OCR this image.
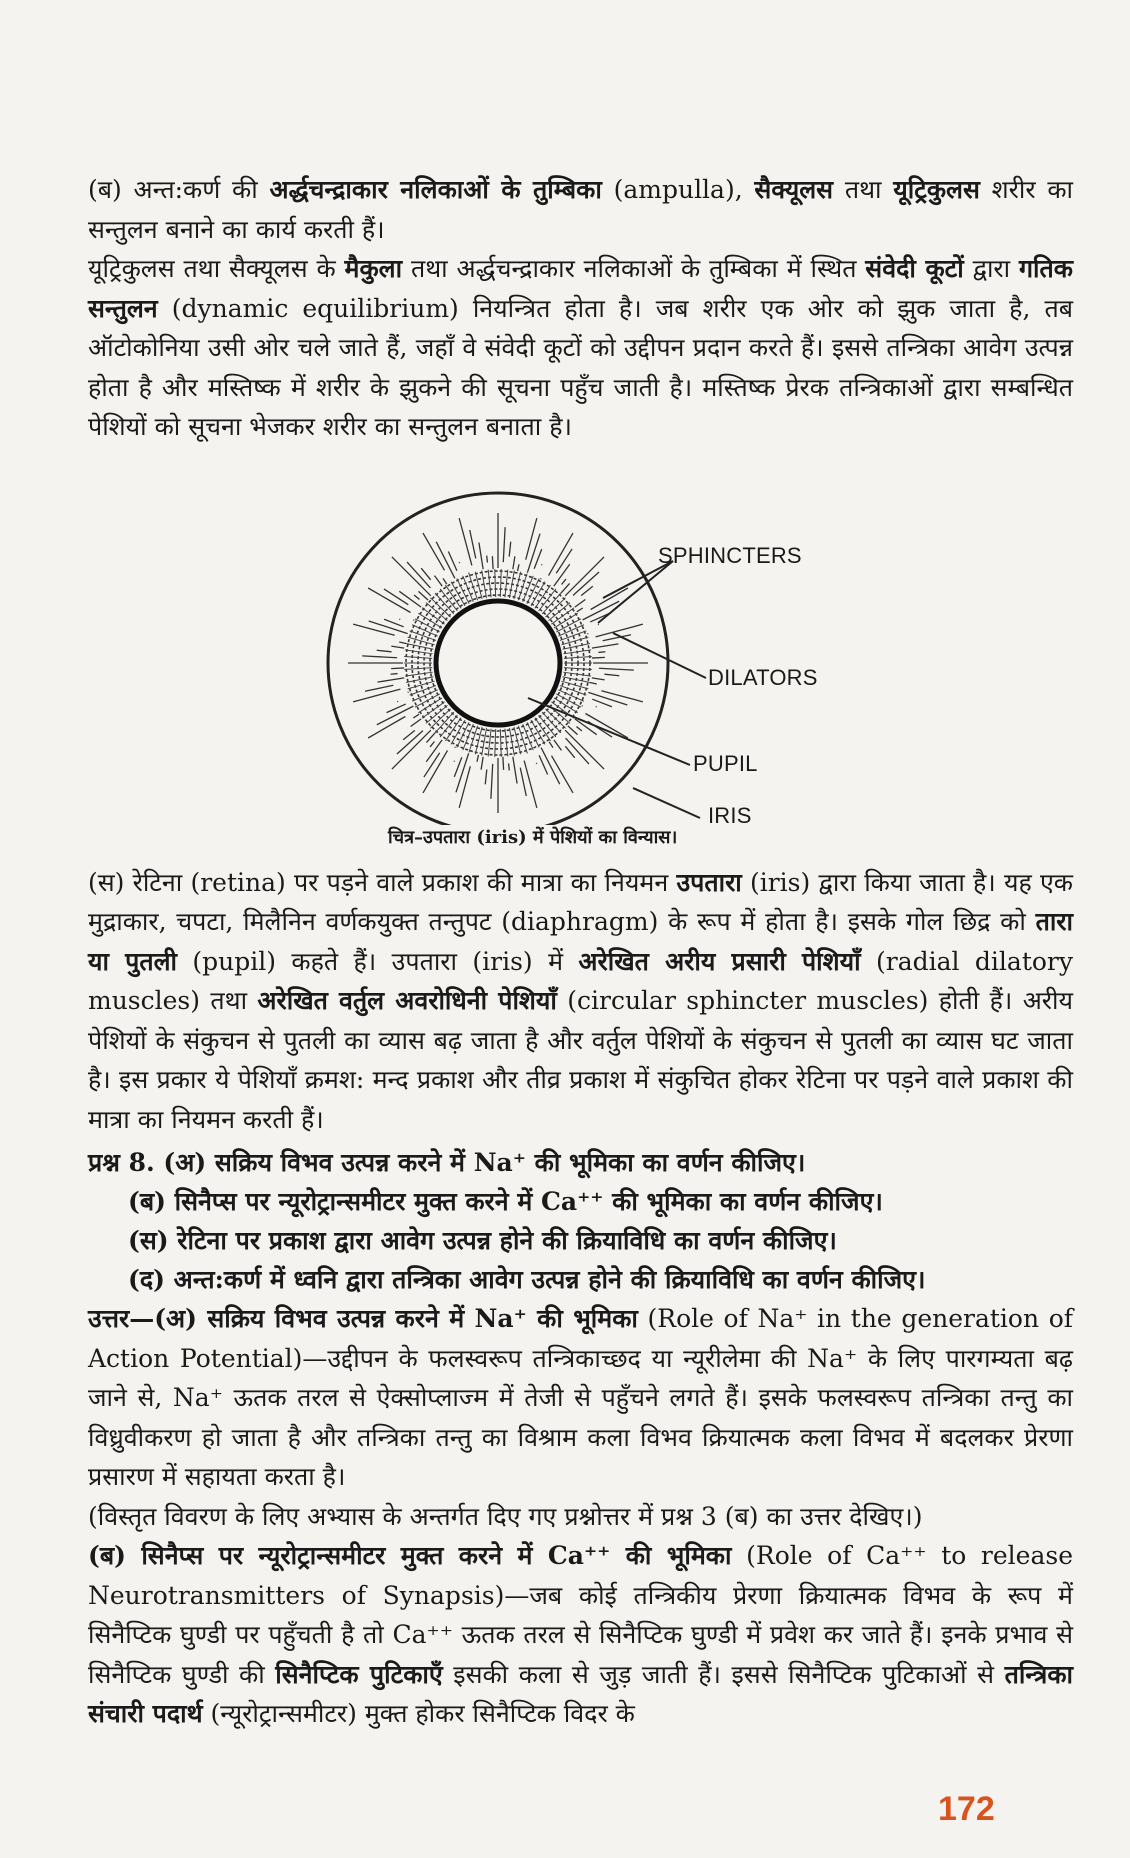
(ब) अन्त:कर्ण की अर्द्धचन्द्राकार नलिकाओं के तुम्बिका (ampulla), सैक्यूलस तथा यूट्रिकुलस शरीर का सन्तुलन बनाने का कार्य करती हैं।

यूट्रिकुलस तथा सैक्यूलस के मैकुला तथा अर्द्धचन्द्राकार नलिकाओं के तुम्बिका में स्थित संवेदी कूटों द्वारा गतिक सन्तुलन (dynamic equilibrium) नियन्त्रित होता है। जब शरीर एक ओर को झुक जाता है, तब ऑटोकोनिया उसी ओर चले जाते हैं, जहाँ वे संवेदी कूटों को उद्दीपन प्रदान करते हैं। इससे तन्त्रिका आवेग उत्पन्न होता है और मस्तिष्क में शरीर के झुकने की सूचना पहुँच जाती है। मस्तिष्क प्रेरक तन्त्रिकाओं द्वारा सम्बन्धित पेशियों को सूचना भेजकर शरीर का सन्तुलन बनाता है।

SPHINCTERS
DILATORS
PUPIL
IRIS
चित्र–उपतारा (iris) में पेशियों का विन्यास।

(स) रेटिना (retina) पर पड़ने वाले प्रकाश की मात्रा का नियमन उपतारा (iris) द्वारा किया जाता है। यह एक मुद्राकार, चपटा, मिलैनिन वर्णकयुक्त तन्तुपट (diaphragm) के रूप में होता है। इसके गोल छिद्र को तारा या पुतली (pupil) कहते हैं। उपतारा (iris) में अरेखित अरीय प्रसारी पेशियाँ (radial dilatory muscles) तथा अरेखित वर्तुल अवरोधिनी पेशियाँ (circular sphincter muscles) होती हैं। अरीय पेशियों के संकुचन से पुतली का व्यास बढ़ जाता है और वर्तुल पेशियों के संकुचन से पुतली का व्यास घट जाता है। इस प्रकार ये पेशियाँ क्रमश: मन्द प्रकाश और तीव्र प्रकाश में संकुचित होकर रेटिना पर पड़ने वाले प्रकाश की मात्रा का नियमन करती हैं।

प्रश्न 8. (अ) सक्रिय विभव उत्पन्न करने में Na⁺ की भूमिका का वर्णन कीजिए।

(ब) सिनैप्स पर न्यूरोट्रान्समीटर मुक्त करने में Ca⁺⁺ की भूमिका का वर्णन कीजिए।

(स) रेटिना पर प्रकाश द्वारा आवेग उत्पन्न होने की क्रियाविधि का वर्णन कीजिए।

(द) अन्त:कर्ण में ध्वनि द्वारा तन्त्रिका आवेग उत्पन्न होने की क्रियाविधि का वर्णन कीजिए।

उत्तर—(अ) सक्रिय विभव उत्पन्न करने में Na⁺ की भूमिका (Role of Na⁺ in the generation of Action Potential)—उद्दीपन के फलस्वरूप तन्त्रिकाच्छद या न्यूरीलेमा की Na⁺ के लिए पारगम्यता बढ़ जाने से, Na⁺ ऊतक तरल से ऐक्सोप्लाज्म में तेजी से पहुँचने लगते हैं। इसके फलस्वरूप तन्त्रिका तन्तु का विध्रुवीकरण हो जाता है और तन्त्रिका तन्तु का विश्राम कला विभव क्रियात्मक कला विभव में बदलकर प्रेरणा प्रसारण में सहायता करता है।

(विस्तृत विवरण के लिए अभ्यास के अन्तर्गत दिए गए प्रश्नोत्तर में प्रश्न 3 (ब) का उत्तर देखिए।)

(ब) सिनैप्स पर न्यूरोट्रान्समीटर मुक्त करने में Ca⁺⁺ की भूमिका (Role of Ca⁺⁺ to release Neurotransmitters of Synapsis)—जब कोई तन्त्रिकीय प्रेरणा क्रियात्मक विभव के रूप में सिनैप्टिक घुण्डी पर पहुँचती है तो Ca⁺⁺ ऊतक तरल से सिनैप्टिक घुण्डी में प्रवेश कर जाते हैं। इनके प्रभाव से सिनैप्टिक घुण्डी की सिनैप्टिक पुटिकाएँ इसकी कला से जुड़ जाती हैं। इससे सिनैप्टिक पुटिकाओं से तन्त्रिका संचारी पदार्थ (न्यूरोट्रान्समीटर) मुक्त होकर सिनैप्टिक विदर के

172
